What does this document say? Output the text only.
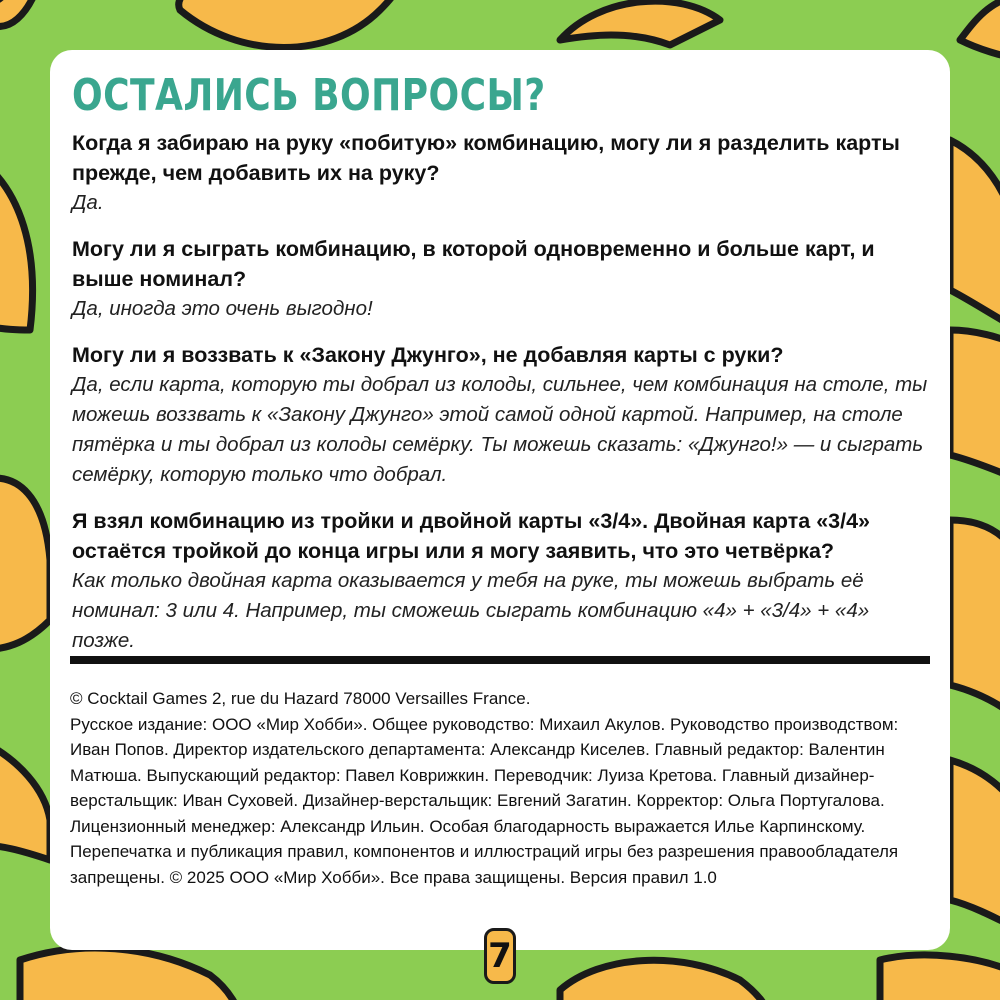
ОСТАЛИСЬ ВОПРОСЫ?

Когда я забираю на руку «побитую» комбинацию, могу ли я разделить карты прежде, чем добавить их на руку?

Да.

Могу ли я сыграть комбинацию, в которой одновременно и больше карт, и выше номинал?

Да, иногда это очень выгодно!

Могу ли я воззвать к «Закону Джунго», не добавляя карты с руки?

Да, если карта, которую ты добрал из колоды, сильнее, чем комбинация на столе, ты можешь воззвать к «Закону Джунго» этой самой одной картой. Например, на столе пятёрка и ты добрал из колоды семёрку. Ты можешь сказать: «Джунго!» — и сыграть семёрку, которую только что добрал.

Я взял комбинацию из тройки и двойной карты «3/4». Двойная карта «3/4» остаётся тройкой до конца игры или я могу заявить, что это четвёрка?

Как только двойная карта оказывается у тебя на руке, ты можешь выбрать её номинал: 3 или 4. Например, ты сможешь сыграть комбинацию «4» + «3/4» + «4» позже.

© Cocktail Games 2, rue du Hazard 78000 Versailles France.

Русское издание: ООО «Мир Хобби». Общее руководство: Михаил Акулов. Руководство производством: Иван Попов. Директор издательского департамента: Александр Киселев. Главный редактор: Валентин Матюша. Выпускающий редактор: Павел Коврижкин. Переводчик: Луиза Кретова. Главный дизайнер-верстальщик: Иван Суховей. Дизайнер-верстальщик: Евгений Загатин. Корректор: Ольга Португалова. Лицензионный менеджер: Александр Ильин. Особая благодарность выражается Илье Карпинскому. Перепечатка и публикация правил, компонентов и иллюстраций игры без разрешения правообладателя запрещены. © 2025 ООО «Мир Хобби». Все права защищены. Версия правил 1.0

7
